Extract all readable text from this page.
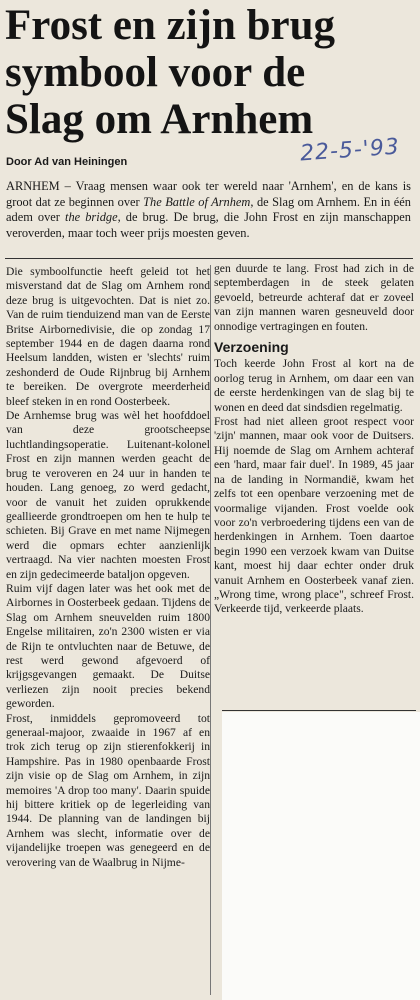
Frost en zijn brug
symbool voor de
Slag om Arnhem
Door Ad van Heiningen	22-5-'93

ARNHEM – Vraag mensen waar ook ter wereld naar 'Arnhem', en de kans is groot dat ze beginnen over The Battle of Arnhem, de Slag om Arnhem. En in één adem over the bridge, de brug. De brug, die John Frost en zijn manschappen veroverden, maar toch weer prijs moesten geven.

Die symboolfunctie heeft geleid tot het misverstand dat de Slag om Arnhem rond deze brug is uitgevochten. Dat is niet zo. Van de ruim tienduizend man van de Eerste Britse Airbornedivisie, die op zondag 17 september 1944 en de dagen daarna rond Heelsum landden, wisten er 'slechts' ruim zeshonderd de Oude Rijnbrug bij Arnhem te bereiken. De overgrote meerderheid bleef steken in en rond Oosterbeek.

De Arnhemse brug was wèl het hoofddoel van deze grootscheepse luchtlandingsoperatie. Luitenant-kolonel Frost en zijn mannen werden geacht de brug te veroveren en 24 uur in handen te houden. Lang genoeg, zo werd gedacht, voor de vanuit het zuiden oprukkende geallieerde grondtroepen om hen te hulp te schieten. Bij Grave en met name Nijmegen werd die opmars echter aanzienlijk vertraagd. Na vier nachten moesten Frost en zijn gedecimeerde bataljon opgeven.

Ruim vijf dagen later was het ook met de Airbornes in Oosterbeek gedaan. Tijdens de Slag om Arnhem sneuvelden ruim 1800 Engelse militairen, zo'n 2300 wisten er via de Rijn te ontvluchten naar de Betuwe, de rest werd gewond afgevoerd of krijgsgevangen gemaakt. De Duitse verliezen zijn nooit precies bekend geworden.

Frost, inmiddels gepromoveerd tot generaal-majoor, zwaaide in 1967 af en trok zich terug op zijn stierenfokkerij in Hampshire. Pas in 1980 openbaarde Frost zijn visie op de Slag om Arnhem, in zijn memoires 'A drop too many'. Daarin spuide hij bittere kritiek op de legerleiding van 1944. De planning van de landingen bij Arnhem was slecht, informatie over de vijandelijke troepen was genegeerd en de verovering van de Waalbrug in Nijme-

gen duurde te lang. Frost had zich in de septemberdagen in de steek gelaten gevoeld, betreurde achteraf dat er zoveel van zijn mannen waren gesneuveld door onnodige vertragingen en fouten.

Verzoening

Toch keerde John Frost al kort na de oorlog terug in Arnhem, om daar een van de eerste herdenkingen van de slag bij te wonen en deed dat sindsdien regelmatig.

Frost had niet alleen groot respect voor 'zijn' mannen, maar ook voor de Duitsers. Hij noemde de Slag om Arnhem achteraf een 'hard, maar fair duel'. In 1989, 45 jaar na de landing in Normandië, kwam het zelfs tot een openbare verzoening met de voormalige vijanden. Frost voelde ook voor zo'n verbroedering tijdens een van de herdenkingen in Arnhem. Toen daartoe begin 1990 een verzoek kwam van Duitse kant, moest hij daar echter onder druk vanuit Arnhem en Oosterbeek vanaf zien. „Wrong time, wrong place", schreef Frost. Verkeerde tijd, verkeerde plaats.
